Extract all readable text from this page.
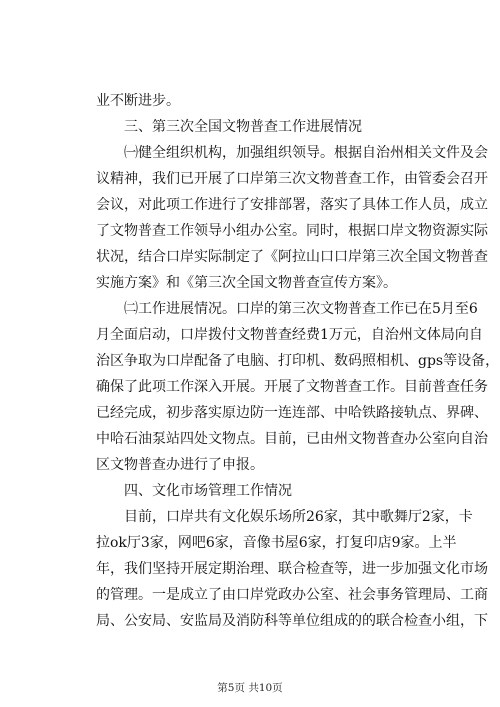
业不断进步。
三、第三次全国文物普查工作进展情况
㈠健全组织机构，加强组织领导。根据自治州相关文件及会
议精神，我们已开展了口岸第三次文物普查工作，由管委会召开
会议，对此项工作进行了安排部署，落实了具体工作人员，成立
了文物普查工作领导小组办公室。同时，根据口岸文物资源实际
状况，结合口岸实际制定了《阿拉山口口岸第三次全国文物普查
实施方案》和《第三次全国文物普查宣传方案》。
㈡工作进展情况。口岸的第三次文物普查工作已在5月至6
月全面启动，口岸拨付文物普查经费1万元，自治州文体局向自
治区争取为口岸配备了电脑、打印机、数码照相机、gps等设备，
确保了此项工作深入开展。开展了文物普查工作。目前普查任务
已经完成，初步落实原边防一连连部、中哈铁路接轨点、界碑、
中哈石油泵站四处文物点。目前，已由州文物普查办公室向自治
区文物普查办进行了申报。
四、文化市场管理工作情况
目前，口岸共有文化娱乐场所26家，其中歌舞厅2家，卡
拉ok厅3家，网吧6家，音像书屋6家，打复印店9家。上半
年，我们坚持开展定期治理、联合检查等，进一步加强文化市场
的管理。一是成立了由口岸党政办公室、社会事务管理局、工商
局、公安局、安监局及消防科等单位组成的的联合检查小组，下
第5页 共10页
